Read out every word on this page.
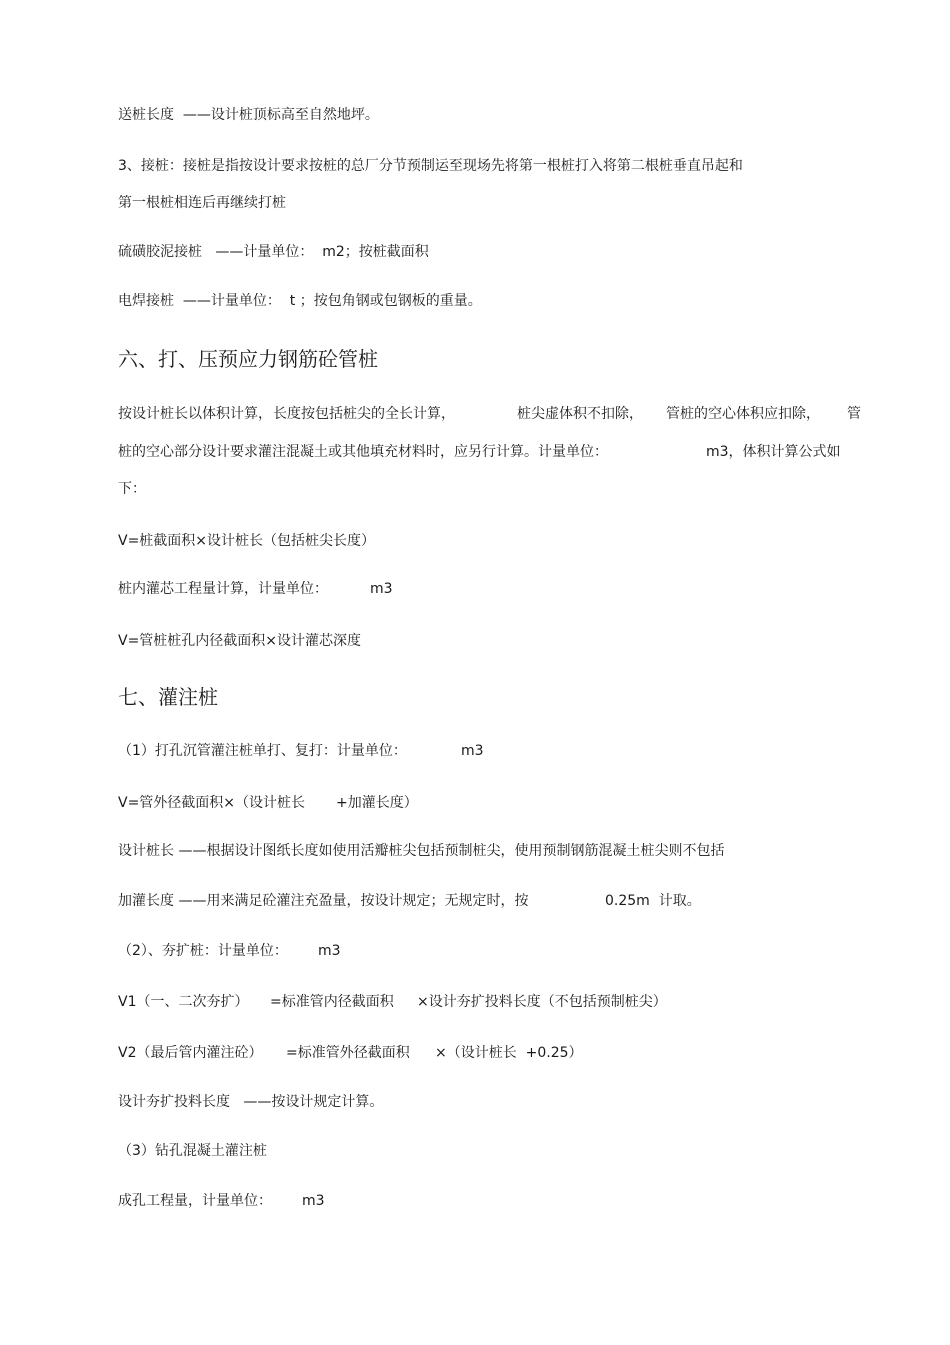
送桩长度  ——设计桩顶标高至自然地坪。
3、接桩：接桩是指按设计要求按桩的总厂分节预制运至现场先将第一根桩打入将第二根桩垂直吊起和
第一根桩相连后再继续打桩
硫磺胶泥接桩   ——计量单位：  m2；按桩截面积
电焊接桩  ——计量单位：  t ；按包角钢或包钢板的重量。
六、打、压预应力钢筋砼管桩
按设计桩长以体积计算， 长度按包括桩尖的全长计算，	桩尖虚体积不扣除， 管桩的空心体积应扣除， 管
桩的空心部分设计要求灌注混凝土或其他填充材料时，应另行计算。计量单位：	m3，体积计算公式如
下：
V=桩截面积×设计桩长（包括桩尖长度）
桩内灌芯工程量计算，计量单位：	m3
V=管桩桩孔内径截面积×设计灌芯深度
七、灌注桩
（1）打孔沉管灌注桩单打、复打：计量单位：	m3
V=管外径截面积×（设计桩长 +加灌长度）
设计桩长 ——根据设计图纸长度如使用活瓣桩尖包括预制桩尖，使用预制钢筋混凝土桩尖则不包括
加灌长度 ——用来满足砼灌注充盈量，按设计规定；无规定时，按	0.25m  计取。
（2）、夯扩桩：计量单位： m3
V1（一、二次夯扩） =标准管内径截面积 ×设计夯扩投料长度（不包括预制桩尖）
V2（最后管内灌注砼） =标准管外径截面积 ×（设计桩长  +0.25）
设计夯扩投料长度   ——按设计规定计算。
（3）钻孔混凝土灌注桩
成孔工程量，计量单位： m3
